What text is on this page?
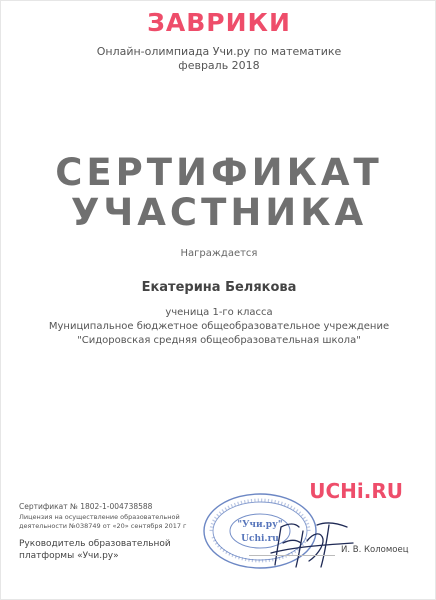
ЗАВРИКИ
Онлайн-олимпиада Учи.ру по математике
февраль 2018
СЕРТИФИКАТ
УЧАСТНИКА
Награждается
Екатерина Белякова
ученица 1-го класса
Муниципальное бюджетное общеобразовательное учреждение
"Сидоровская средняя общеобразовательная школа"
Сертификат № 1802-1-004738588
Лицензия на осуществление образовательной
деятельности №038749 от «20» сентября 2017 г
Руководитель образовательной
платформы «Учи.ру»
UCHi.RU
"Учи.ру"
Uchi.ru
И. В. Коломоец
